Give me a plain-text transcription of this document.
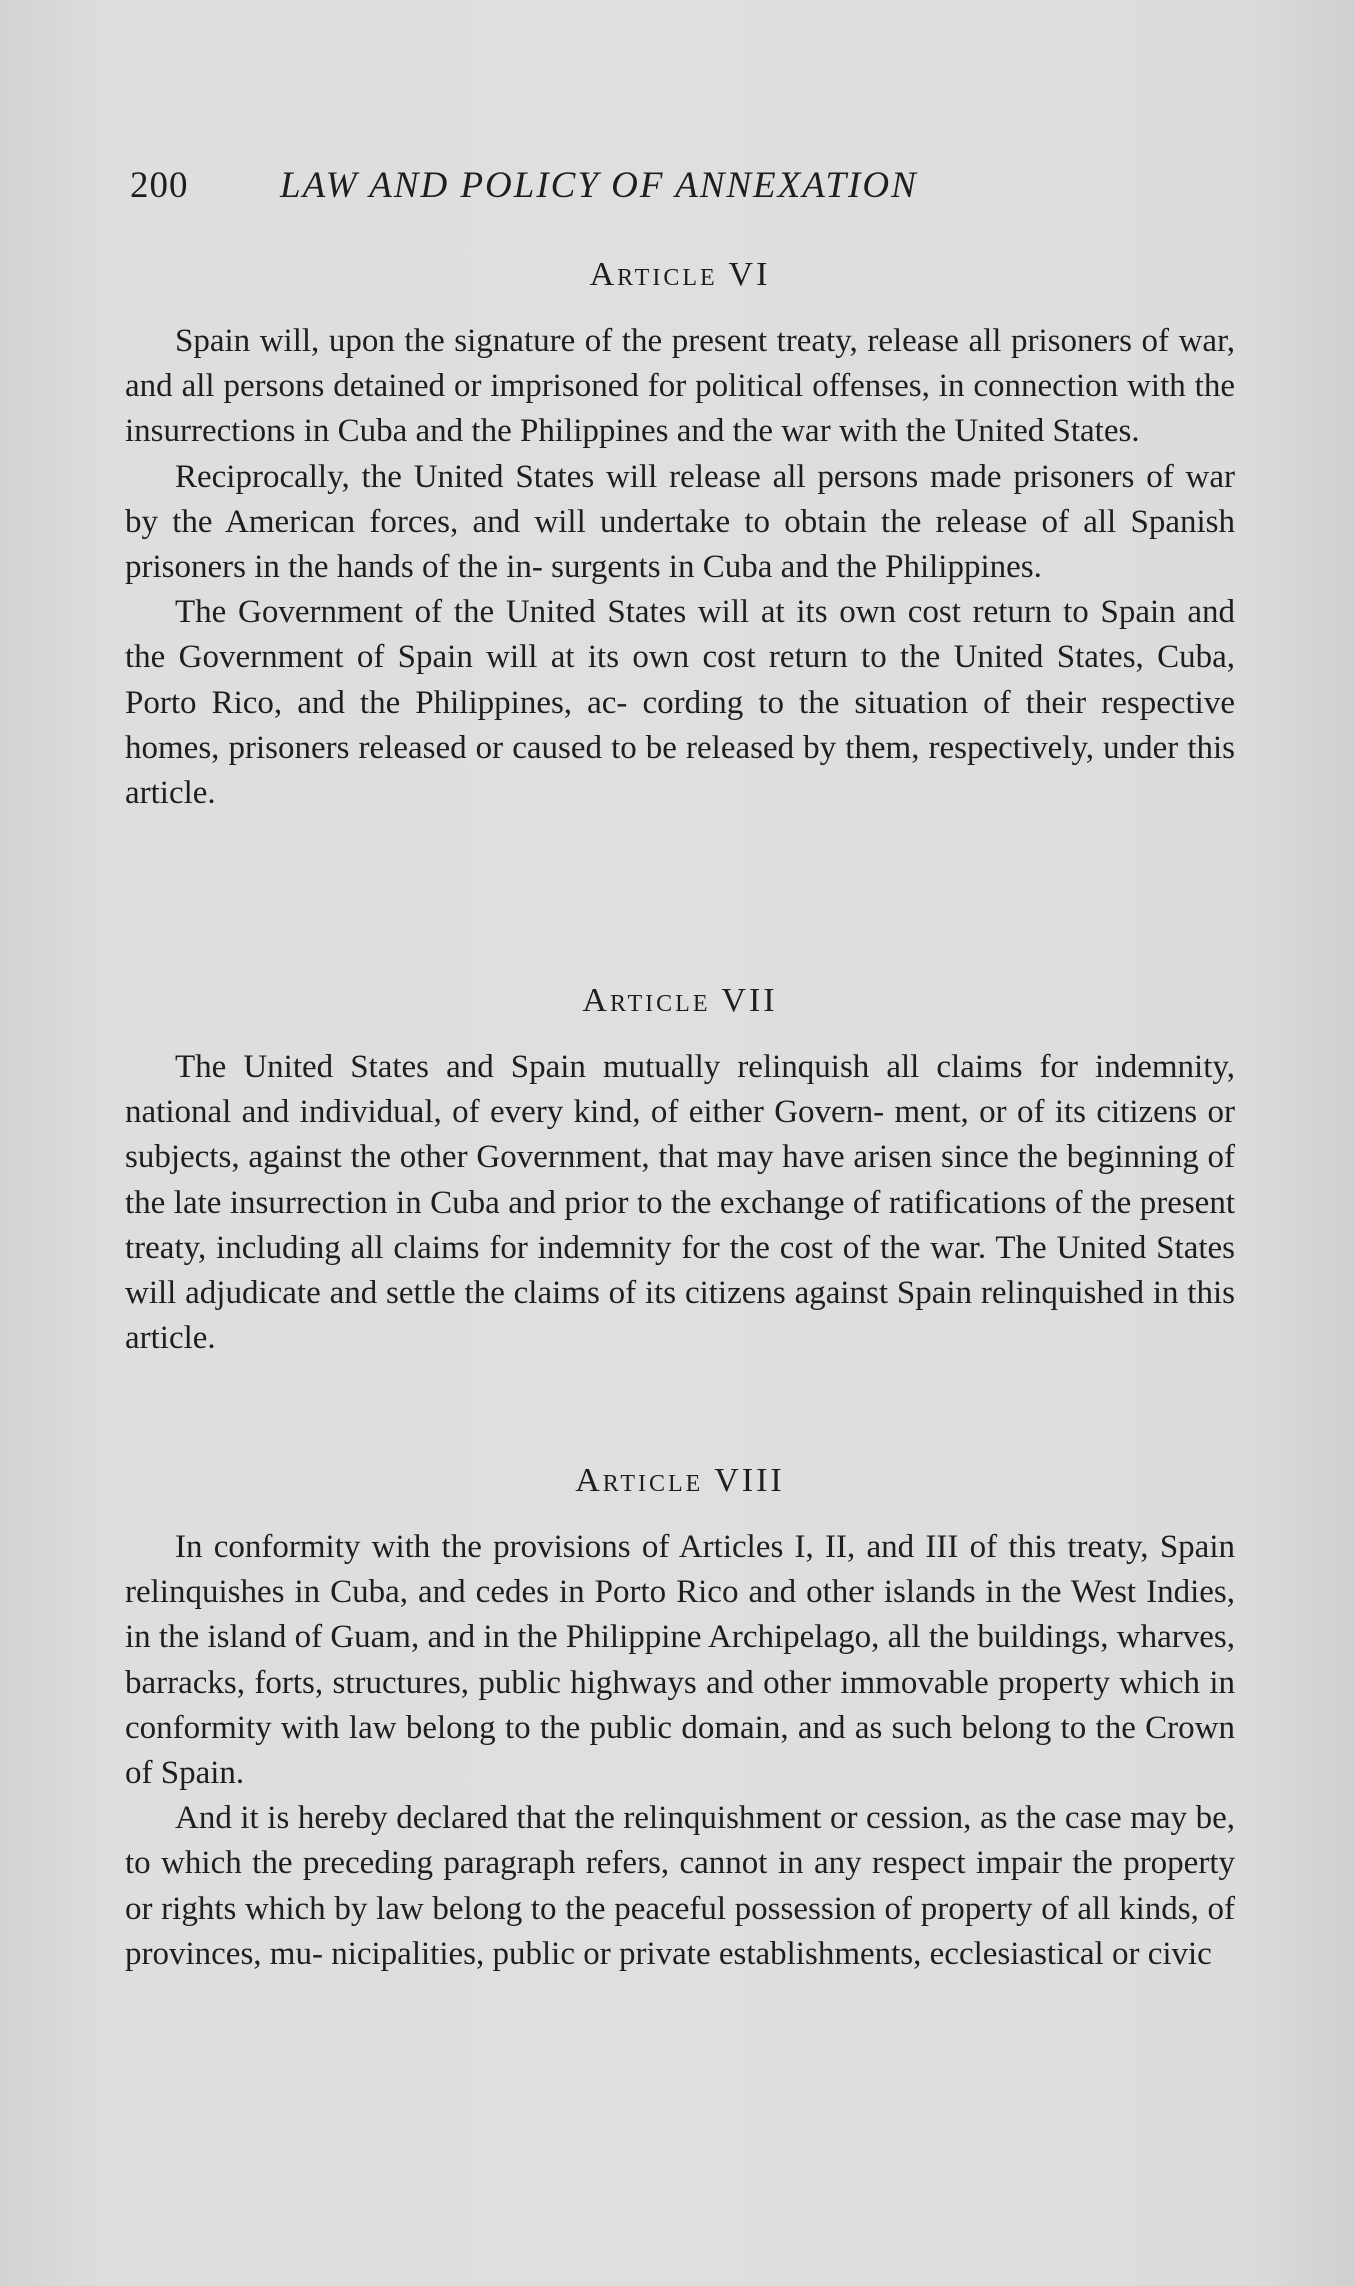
200 LAW AND POLICY OF ANNEXATION
Article VI

Spain will, upon the signature of the present treaty, release all prisoners of war, and all persons detained or imprisoned for political offenses, in connection with the insurrections in Cuba and the Philippines and the war with the United States.

Reciprocally, the United States will release all persons made prisoners of war by the American forces, and will undertake to obtain the release of all Spanish prisoners in the hands of the in- surgents in Cuba and the Philippines.

The Government of the United States will at its own cost return to Spain and the Government of Spain will at its own cost return to the United States, Cuba, Porto Rico, and the Philippines, ac- cording to the situation of their respective homes, prisoners released or caused to be released by them, respectively, under this article.

Article VII

The United States and Spain mutually relinquish all claims for indemnity, national and individual, of every kind, of either Govern- ment, or of its citizens or subjects, against the other Government, that may have arisen since the beginning of the late insurrection in Cuba and prior to the exchange of ratifications of the present treaty, including all claims for indemnity for the cost of the war. The United States will adjudicate and settle the claims of its citizens against Spain relinquished in this article.

Article VIII

In conformity with the provisions of Articles I, II, and III of this treaty, Spain relinquishes in Cuba, and cedes in Porto Rico and other islands in the West Indies, in the island of Guam, and in the Philippine Archipelago, all the buildings, wharves, barracks, forts, structures, public highways and other immovable property which in conformity with law belong to the public domain, and as such belong to the Crown of Spain.

And it is hereby declared that the relinquishment or cession, as the case may be, to which the preceding paragraph refers, cannot in any respect impair the property or rights which by law belong to the peaceful possession of property of all kinds, of provinces, mu- nicipalities, public or private establishments, ecclesiastical or civic
